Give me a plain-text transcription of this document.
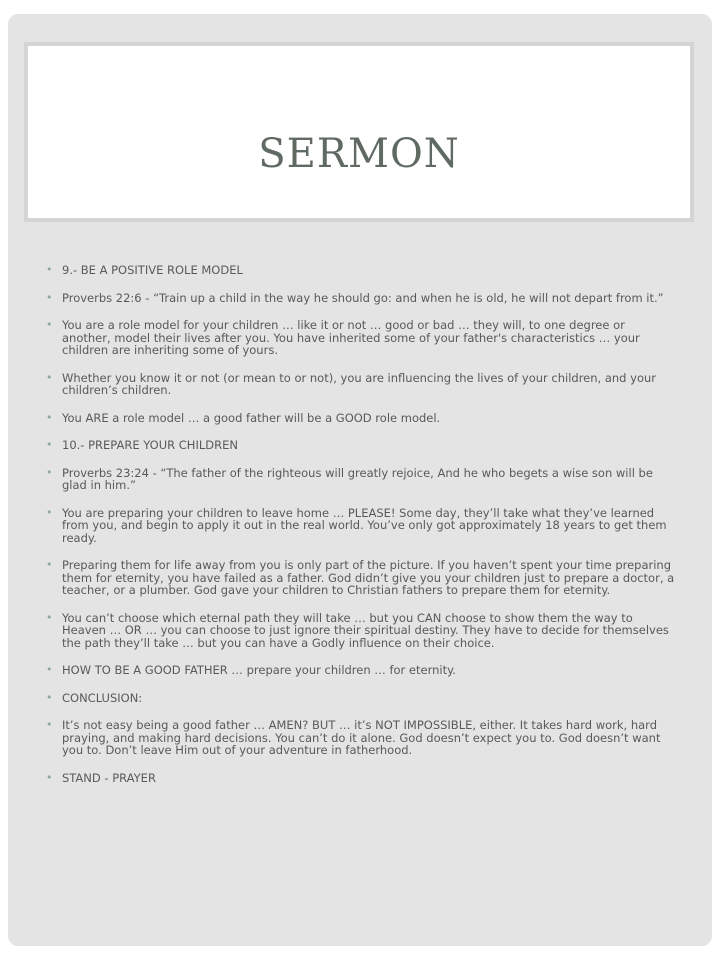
SERMON
• 9.- BE A POSITIVE ROLE MODEL
• Proverbs 22:6 - “Train up a child in the way he should go: and when he is old, he will not depart from it.”
• You are a role model for your children … like it or not … good or bad … they will, to one degree or another, model their lives after you. You have inherited some of your father's characteristics … your children are inheriting some of yours.
• Whether you know it or not (or mean to or not), you are influencing the lives of your children, and your children’s children.
• You ARE a role model … a good father will be a GOOD role model.
• 10.- PREPARE YOUR CHILDREN
• Proverbs 23:24 - “The father of the righteous will greatly rejoice, And he who begets a wise son will be glad in him.”
• You are preparing your children to leave home … PLEASE! Some day, they’ll take what they’ve learned from you, and begin to apply it out in the real world. You’ve only got approximately 18 years to get them ready.
• Preparing them for life away from you is only part of the picture. If you haven’t spent your time preparing them for eternity, you have failed as a father. God didn’t give you your children just to prepare a doctor, a teacher, or a plumber. God gave your children to Christian fathers to prepare them for eternity.
• You can’t choose which eternal path they will take … but you CAN choose to show them the way to Heaven … OR … you can choose to just ignore their spiritual destiny. They have to decide for themselves the path they’ll take … but you can have a Godly influence on their choice.
• HOW TO BE A GOOD FATHER … prepare your children … for eternity.
• CONCLUSION:
• It’s not easy being a good father … AMEN? BUT … it’s NOT IMPOSSIBLE, either. It takes hard work, hard praying, and making hard decisions. You can’t do it alone. God doesn’t expect you to. God doesn’t want you to. Don’t leave Him out of your adventure in fatherhood.
• STAND - PRAYER
